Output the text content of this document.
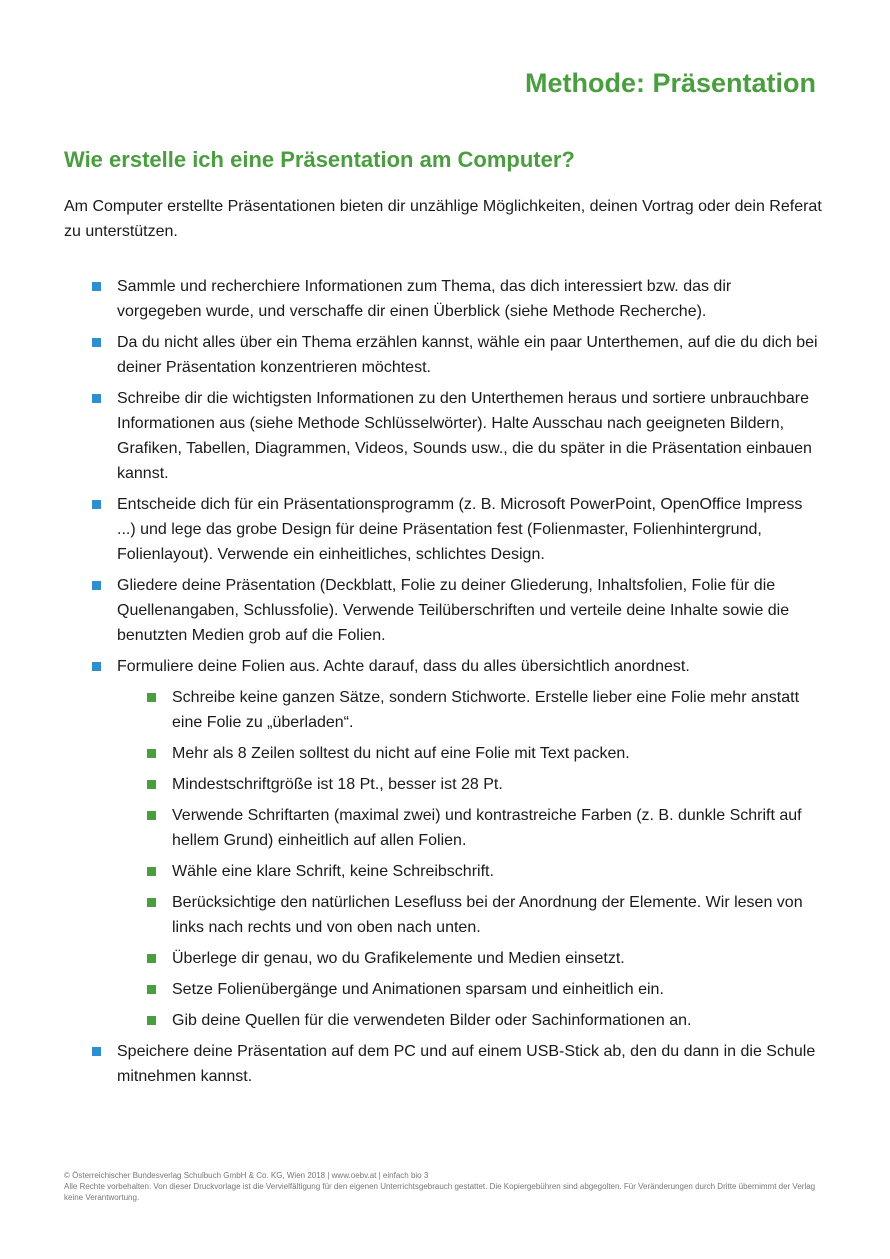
Methode: Präsentation
Wie erstelle ich eine Präsentation am Computer?

Am Computer erstellte Präsentationen bieten dir unzählige Möglichkeiten, deinen Vortrag oder dein Referat zu unterstützen.

Sammle und recherchiere Informationen zum Thema, das dich interessiert bzw. das dir vorgegeben wurde, und verschaffe dir einen Überblick (siehe Methode Recherche).
Da du nicht alles über ein Thema erzählen kannst, wähle ein paar Unterthemen, auf die du dich bei deiner Präsentation konzentrieren möchtest.
Schreibe dir die wichtigsten Informationen zu den Unterthemen heraus und sortiere unbrauchbare Informationen aus (siehe Methode Schlüsselwörter). Halte Ausschau nach geeigneten Bildern, Grafiken, Tabellen, Diagrammen, Videos, Sounds usw., die du später in die Präsentation einbauen kannst.
Entscheide dich für ein Präsentationsprogramm (z. B. Microsoft PowerPoint, OpenOffice Impress ...) und lege das grobe Design für deine Präsentation fest (Folienmaster, Folienhintergrund, Folienlayout). Verwende ein einheitliches, schlichtes Design.
Gliedere deine Präsentation (Deckblatt, Folie zu deiner Gliederung, Inhaltsfolien, Folie für die Quellenangaben, Schlussfolie). Verwende Teilüberschriften und verteile deine Inhalte sowie die benutzten Medien grob auf die Folien.
Formuliere deine Folien aus. Achte darauf, dass du alles übersichtlich anordnest.
Schreibe keine ganzen Sätze, sondern Stichworte. Erstelle lieber eine Folie mehr anstatt eine Folie zu „überladen“.
Mehr als 8 Zeilen solltest du nicht auf eine Folie mit Text packen.
Mindestschriftgröße ist 18 Pt., besser ist 28 Pt.
Verwende Schriftarten (maximal zwei) und kontrastreiche Farben (z. B. dunkle Schrift auf hellem Grund) einheitlich auf allen Folien.
Wähle eine klare Schrift, keine Schreibschrift.
Berücksichtige den natürlichen Lesefluss bei der Anordnung der Elemente. Wir lesen von links nach rechts und von oben nach unten.
Überlege dir genau, wo du Grafikelemente und Medien einsetzt.
Setze Folienübergänge und Animationen sparsam und einheitlich ein.
Gib deine Quellen für die verwendeten Bilder oder Sachinformationen an.
Speichere deine Präsentation auf dem PC und auf einem USB-Stick ab, den du dann in die Schule mitnehmen kannst.
© Österreichischer Bundesverlag Schulbuch GmbH & Co. KG, Wien 2018 | www.oebv.at | einfach bio 3
Alle Rechte vorbehalten. Von dieser Druckvorlage ist die Vervielfältigung für den eigenen Unterrichtsgebrauch gestattet. Die Kopiergebühren sind abgegolten. Für Veränderungen durch Dritte übernimmt der Verlag keine Verantwortung.
